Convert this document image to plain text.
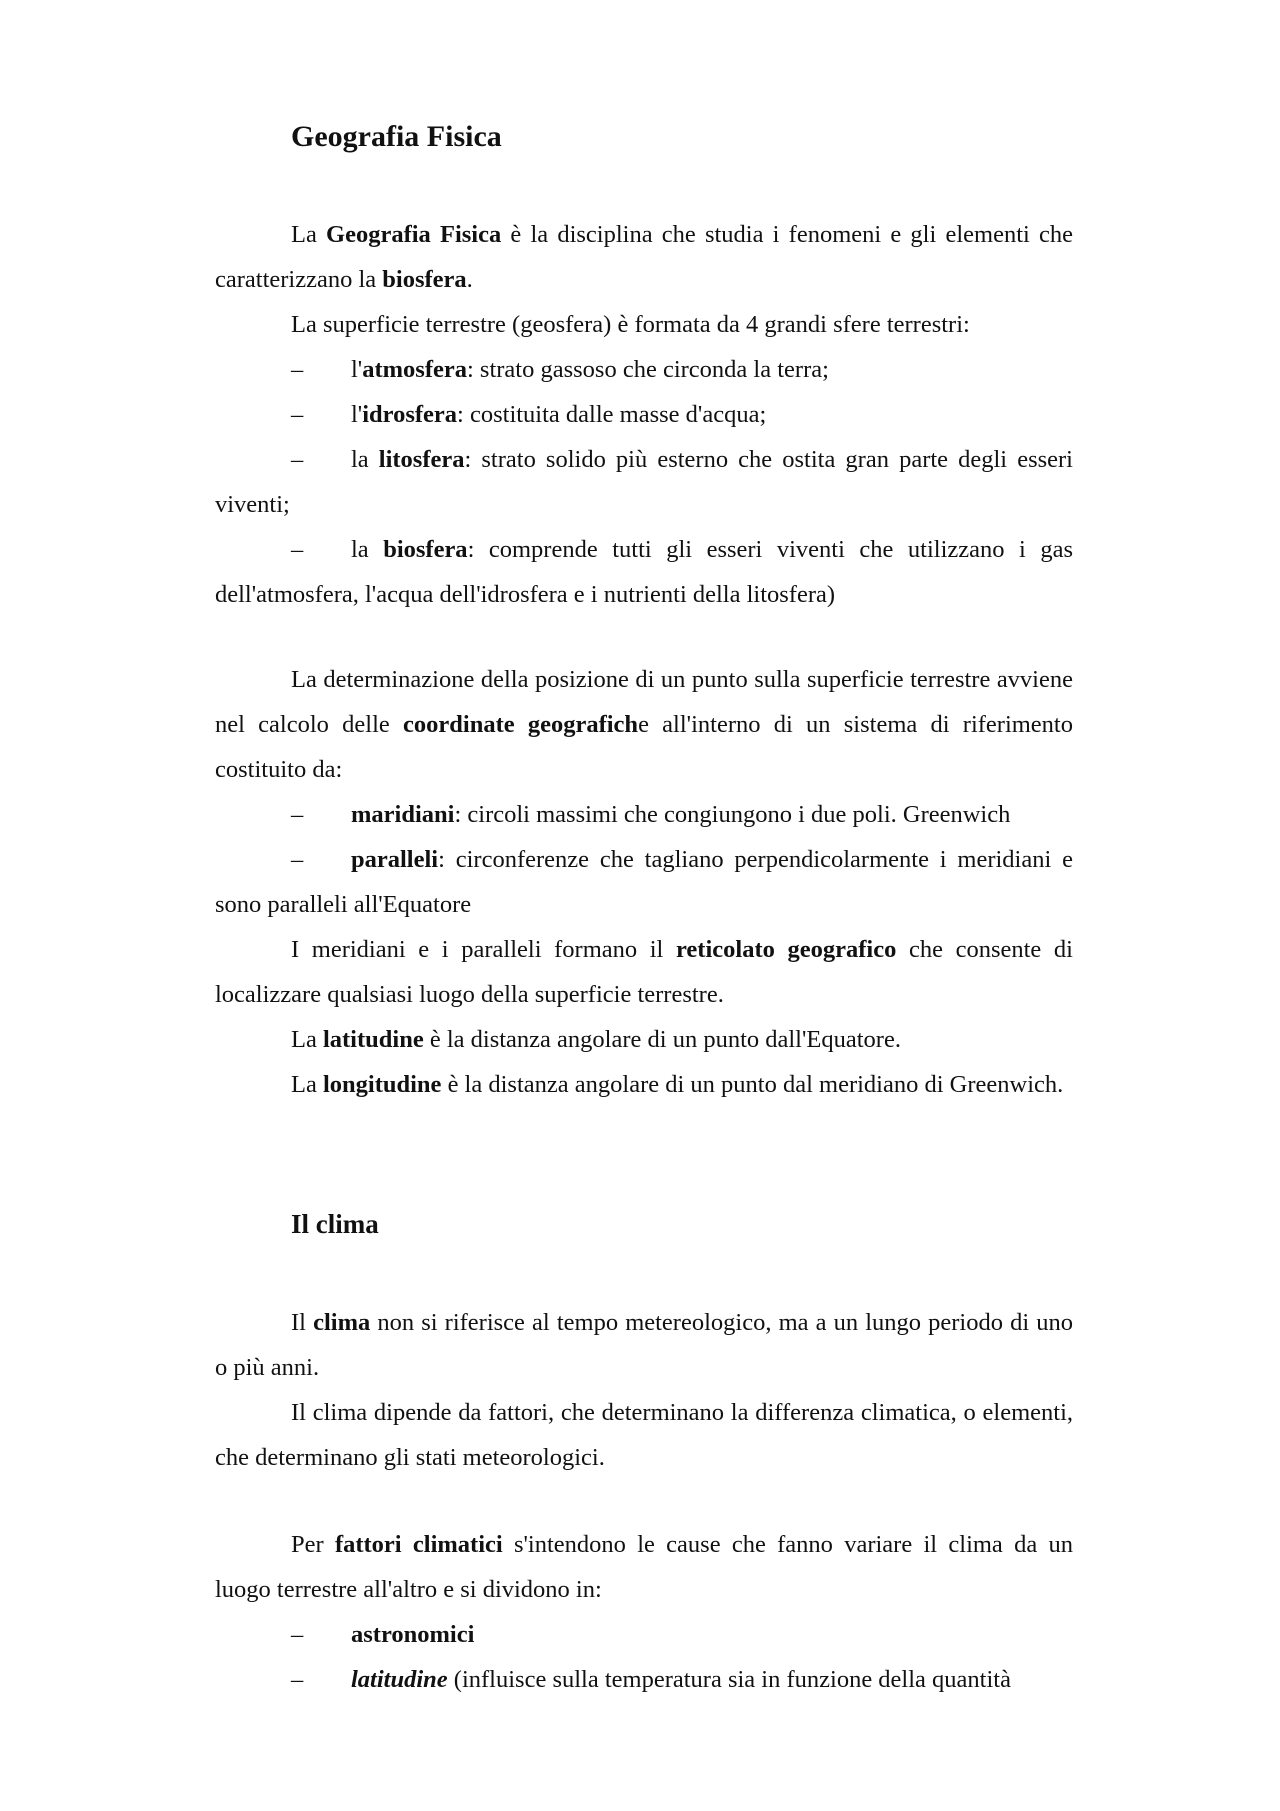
Geografia Fisica

La Geografia Fisica è la disciplina che studia i fenomeni e gli elementi che caratterizzano la biosfera.

La superficie terrestre (geosfera) è formata da 4 grandi sfere terrestri:

– l'atmosfera: strato gassoso che circonda la terra;

– l'idrosfera: costituita dalle masse d'acqua;

– la litosfera: strato solido più esterno che ostita gran parte degli esseri viventi;

– la biosfera: comprende tutti gli esseri viventi che utilizzano i gas dell'atmosfera, l'acqua dell'idrosfera e i nutrienti della litosfera)

La determinazione della posizione di un punto sulla superficie terrestre avviene nel calcolo delle coordinate geografiche all'interno di un sistema di riferimento costituito da:

– maridiani: circoli massimi che congiungono i due poli. Greenwich

– paralleli: circonferenze che tagliano perpendicolarmente i meridiani e sono paralleli all'Equatore

I meridiani e i paralleli formano il reticolato geografico che consente di localizzare qualsiasi luogo della superficie terrestre.

La latitudine è la distanza angolare di un punto dall'Equatore.

La longitudine è la distanza angolare di un punto dal meridiano di Greenwich.

Il clima non si riferisce al tempo metereologico, ma a un lungo periodo di uno o più anni.

Il clima dipende da fattori, che determinano la differenza climatica, o elementi, che determinano gli stati meteorologici.

Per fattori climatici s'intendono le cause che fanno variare il clima da un luogo terrestre all'altro e si dividono in:

– astronomici

– latitudine (influisce sulla temperatura sia in funzione della quantità

Il clima
